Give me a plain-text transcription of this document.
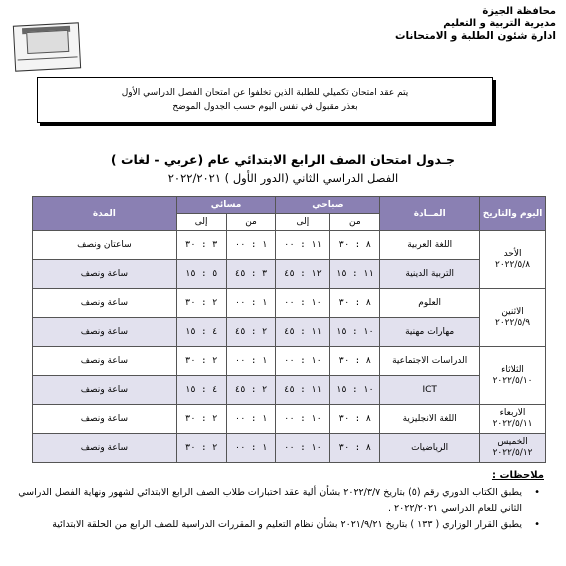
محافظة الجيزة
مديرية التربية و التعليم
ادارة شئون الطلبة و الامتحانات
يتم عقد امتحان تكميلي للطلبة الذين تخلفوا عن امتحان الفصل الدراسي الأول
بعذر مقبول في نفس اليوم حسب الجدول الموضح
جـدول امتحان الصف الرابع الابتدائي عام (عربي - لغات )
الفصل الدراسي الثاني (الدور الأول ) ٢٠٢٢/٢٠٢١
اليوم والتاريخ	المــادة	صباحي		مسائي		المدة
		من	إلى	من	إلى	

الأحد
٢٠٢٢/٥/٨	اللغة العربية	٨ : ٣٠	١١ : ٠٠	١ : ٠٠	٣ : ٣٠	ساعتان ونصف
	التربية الدينية	١١ : ١٥	١٢ : ٤٥	٣ : ٤٥	٥ : ١٥	ساعة ونصف

الاثنين
٢٠٢٢/٥/٩	العلوم	٨ : ٣٠	١٠ : ٠٠	١ : ٠٠	٢ : ٣٠	ساعة ونصف
	مهارات مهنية	١٠ : ١٥	١١ : ٤٥	٢ : ٤٥	٤ : ١٥	ساعة ونصف

الثلاثاء
٢٠٢٢/٥/١٠	الدراسات الاجتماعية	٨ : ٣٠	١٠ : ٠٠	١ : ٠٠	٢ : ٣٠	ساعة ونصف
	ICT	١٠ : ١٥	١١ : ٤٥	٢ : ٤٥	٤ : ١٥	ساعة ونصف

الاربعاء
٢٠٢٢/٥/١١	اللغة الانجليزية	٨ : ٣٠	١٠ : ٠٠	١ : ٠٠	٢ : ٣٠	ساعة ونصف

الخميس
٢٠٢٢/٥/١٢	الرياضيات	٨ : ٣٠	١٠ : ٠٠	١ : ٠٠	٢ : ٣٠	ساعة ونصف
ملاحظات :
•
يطبق الكتاب الدوري رقم (٥) بتاريخ ٢٠٢٢/٣/٧ بشأن ألية عقد اختبارات طلاب الصف الرابع الابتدائي لشهور ونهاية الفصل الدراسي الثاني للعام الدراسي ٢٠٢٢/٢٠٢١ .
•
يطبق القرار الوزاري ( ١٣٣ ) بتاريخ ٢٠٢١/٩/٢١ بشأن نظام التعليم و المقررات الدراسية للصف الرابع من الحلقة الابتدائية
